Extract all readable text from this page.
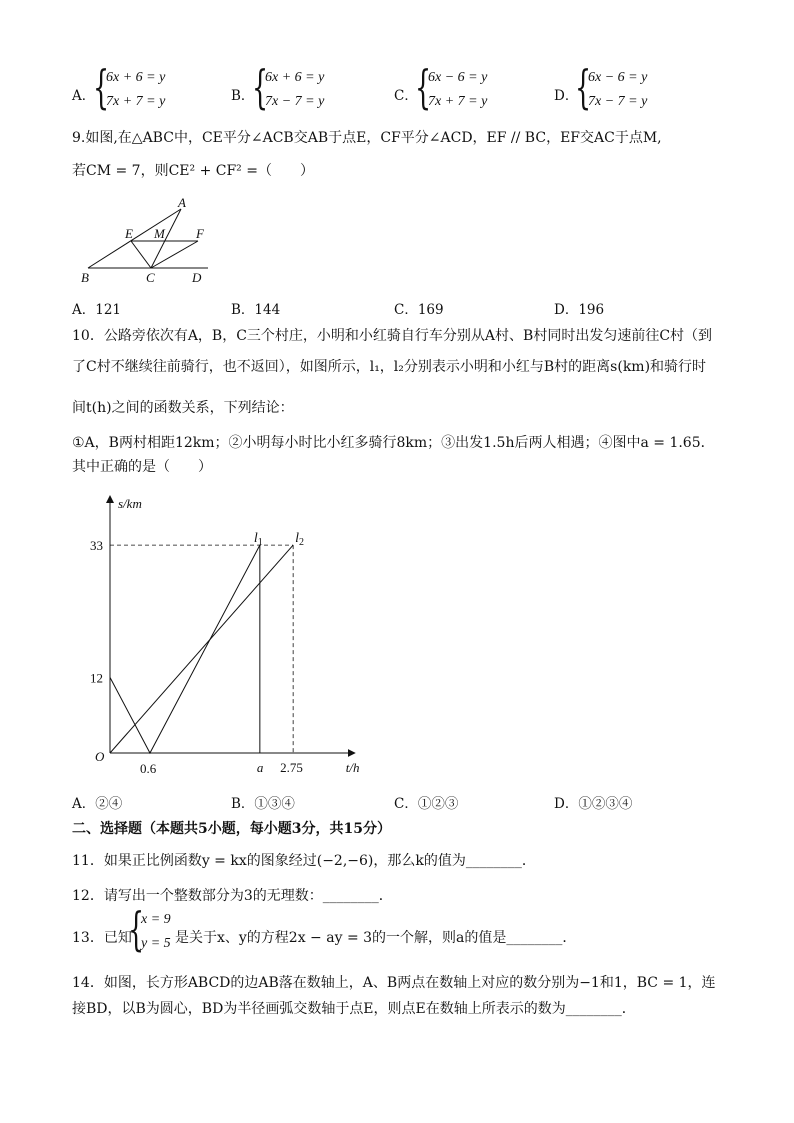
A．
{
6x + 6 = y
7x + 7 = y	B．
{
6x + 6 = y
7x − 7 = y	C．
{
6x − 6 = y
7x + 7 = y	D．
{
6x − 6 = y
7x − 7 = y
9.如图,在△ABC中，CE平分∠ACB交AB于点E，CF平分∠ACD，EF // BC，EF交AC于点M,
若CM = 7，则CE² + CF² =（　　）
A
E M F
B	C	D
A．121	B．144	C．169	D．196
10．公路旁依次有A，B，C三个村庄，小明和小红骑自行车分别从A村、B村同时出发匀速前往C村（到
了C村不继续往前骑行，也不返回），如图所示，l₁，l₂分别表示小明和小红与B村的距离s(km)和骑行时
间t(h)之间的函数关系，下列结论：
①A，B两村相距12km；②小明每小时比小红多骑行8km；③出发1.5h后两人相遇；④图中a = 1.65．
其中正确的是（　　）
s/km
t/h
O
12
33
0.6	a 2.75
$l_1$ $l_2$
A．②④	B．①③④	C．①②③	D．①②③④
二、选择题（本题共5小题，每小题3分，共15分）
11．如果正比例函数y = kx的图象经过(−2,−6)，那么k的值为________．
12．请写出一个整数部分为3的无理数：________．
13．已知
{
x = 9
y = 5 是关于x、y的方程2x − ay = 3的一个解，则a的值是________．
14．如图，长方形ABCD的边AB落在数轴上，A、B两点在数轴上对应的数分别为−1和1，BC = 1，连
接BD，以B为圆心，BD为半径画弧交数轴于点E，则点E在数轴上所表示的数为________．
